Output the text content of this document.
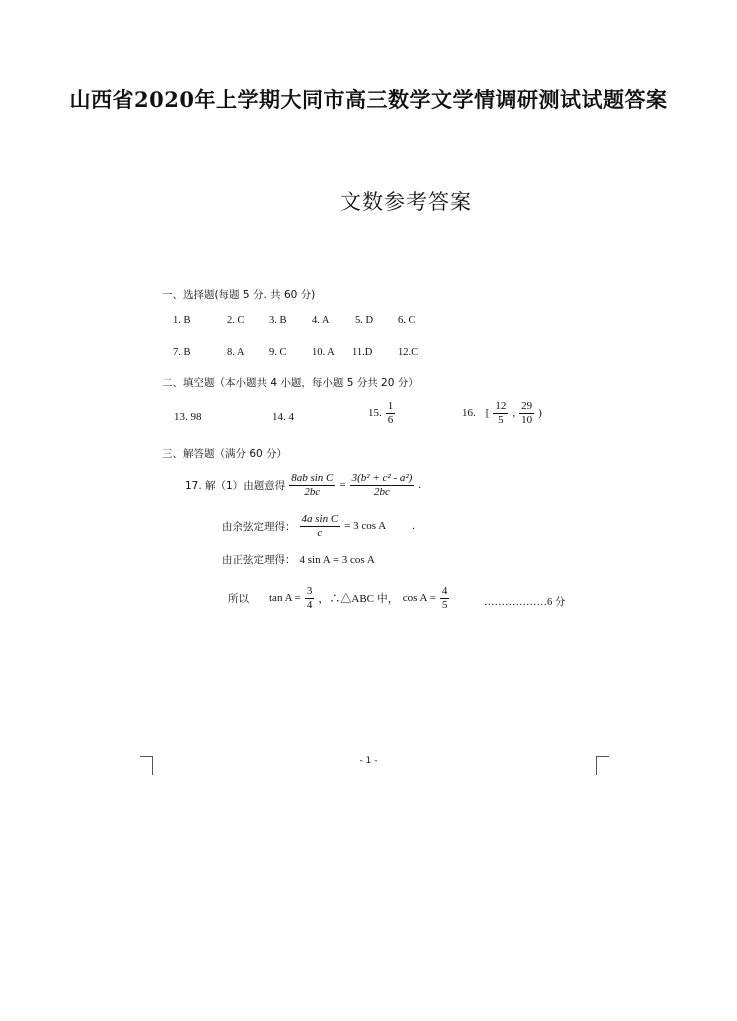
山西省2020年上学期大同市高三数学文学情调研测试试题答案
文数参考答案
一、选择题(每题 5 分. 共 60 分)
1. B	2. C 3. B 4. A 5. D 6. C
7. B	8. A 9. C 10. A 11.D 12.C
二、填空题（本小题共 4 小题，每小题 5 分共 20 分）
13. 98	14. 4	15. $\frac{1}{6}$	16. [ $\frac{12}{5}$ , $\frac{29}{10}$ )
三、解答题（满分 60 分）
17. 解（1）由题意得 $\frac{\text{8ab sin C}}{2bc} = \frac{\text{3(b² + c² - a²)}}{2bc}$ .
由余弦定理得： $\frac{\text{4a sin C}}{c} = 3$ cos A .
由正弦定理得： 4 sin A = 3 cos A
所以 $\tan A = \frac{3}{4}$ ，∴△ABC 中， $\cos A = \frac{4}{5}$	………………6 分
- 1 -
